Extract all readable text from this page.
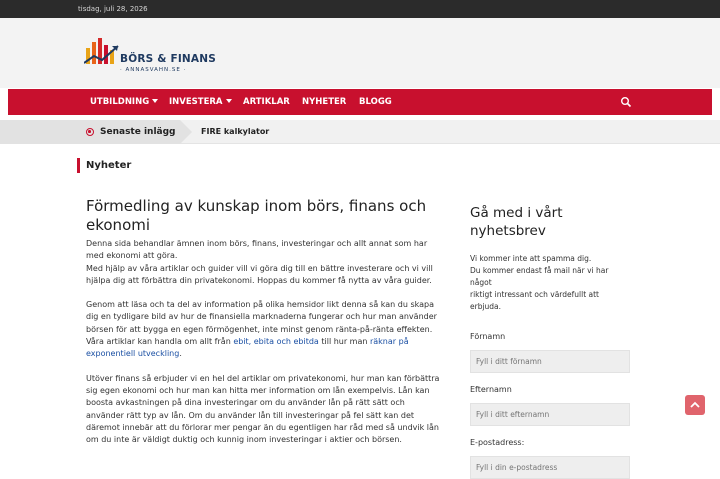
tisdag, juli 28, 2026
BÖRS & FINANS
· ANNASVAHN.SE ·
UTBILDNING	INVESTERA	ARTIKLAR NYHETER BLOGG
Senaste inlägg	FIRE kalkylator
Nyheter
Förmedling av kunskap inom börs, finans och ekonomi

Denna sida behandlar ämnen inom börs, finans, investeringar och allt annat som har med ekonomi att göra.
Med hjälp av våra artiklar och guider vill vi göra dig till en bättre investerare och vi vill hjälpa dig att förbättra din privatekonomi. Hoppas du kommer få nytta av våra guider.

Genom att läsa och ta del av information på olika hemsidor likt denna så kan du skapa dig en tydligare bild av hur de finansiella marknaderna fungerar och hur man använder börsen för att bygga en egen förmögenhet, inte minst genom ränta-på-ränta effekten. Våra artiklar kan handla om allt från ebit, ebita och ebitda till hur man räknar på exponentiell utveckling.

Utöver finans så erbjuder vi en hel del artiklar om privatekonomi, hur man kan förbättra sig egen ekonomi och hur man kan hitta mer information om lån exempelvis. Lån kan boosta avkastningen på dina investeringar om du använder lån på rätt sätt och använder rätt typ av lån. Om du använder lån till investeringar på fel sätt kan det däremot innebär att du förlorar mer pengar än du egentligen har råd med så undvik lån om du inte är väldigt duktig och kunnig inom investeringar i aktier och börsen.

Gå med i vårt nyhetsbrev

Vi kommer inte att spamma dig.
Du kommer endast få mail när vi har något
riktigt intressant och värdefullt att erbjuda.

Förnamn
Fyll i ditt förnamn
Efternamn
Fyll i ditt efternamn
E-postadress:
Fyll i din e-postadress
